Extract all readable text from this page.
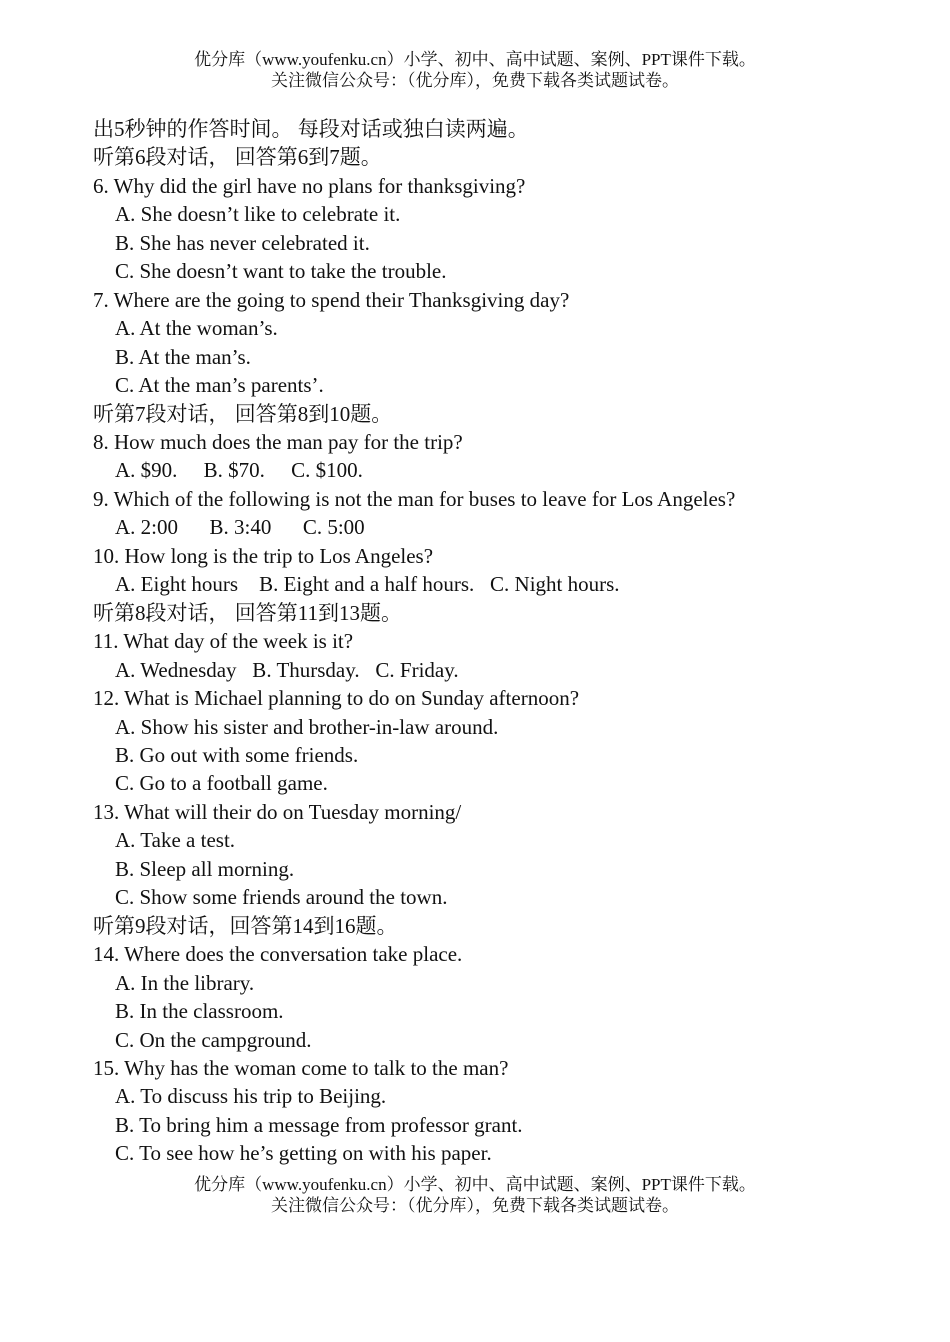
优分库（www.youfenku.cn）小学、初中、高中试题、案例、PPT课件下载。
关注微信公众号：（优分库），免费下载各类试题试卷。
出5秒钟的作答时间。 每段对话或独白读两遍。
听第6段对话， 回答第6到7题。
6. Why did the girl have no plans for thanksgiving?
A. She doesn’t like to celebrate it.
B. She has never celebrated it.
C. She doesn’t want to take the trouble.
7. Where are the going to spend their Thanksgiving day?
A. At the woman’s.
B. At the man’s.
C. At the man’s parents’.
听第7段对话， 回答第8到10题。
8. How much does the man pay for the trip?
A. $90.     B. $70.     C. $100.
9. Which of the following is not the man for buses to leave for Los Angeles?
A. 2:00      B. 3:40      C. 5:00
10. How long is the trip to Los Angeles?
A. Eight hours    B. Eight and a half hours.   C. Night hours.
听第8段对话， 回答第11到13题。
11. What day of the week is it?
A. Wednesday   B. Thursday.   C. Friday.
12. What is Michael planning to do on Sunday afternoon?
A. Show his sister and brother-in-law around.
B. Go out with some friends.
C. Go to a football game.
13. What will their do on Tuesday morning/
A. Take a test.
B. Sleep all morning.
C. Show some friends around the town.
听第9段对话，回答第14到16题。
14. Where does the conversation take place.
A. In the library.
B. In the classroom.
C. On the campground.
15. Why has the woman come to talk to the man?
A. To discuss his trip to Beijing.
B. To bring him a message from professor grant.
C. To see how he’s getting on with his paper.
优分库（www.youfenku.cn）小学、初中、高中试题、案例、PPT课件下载。
关注微信公众号：（优分库），免费下载各类试题试卷。
